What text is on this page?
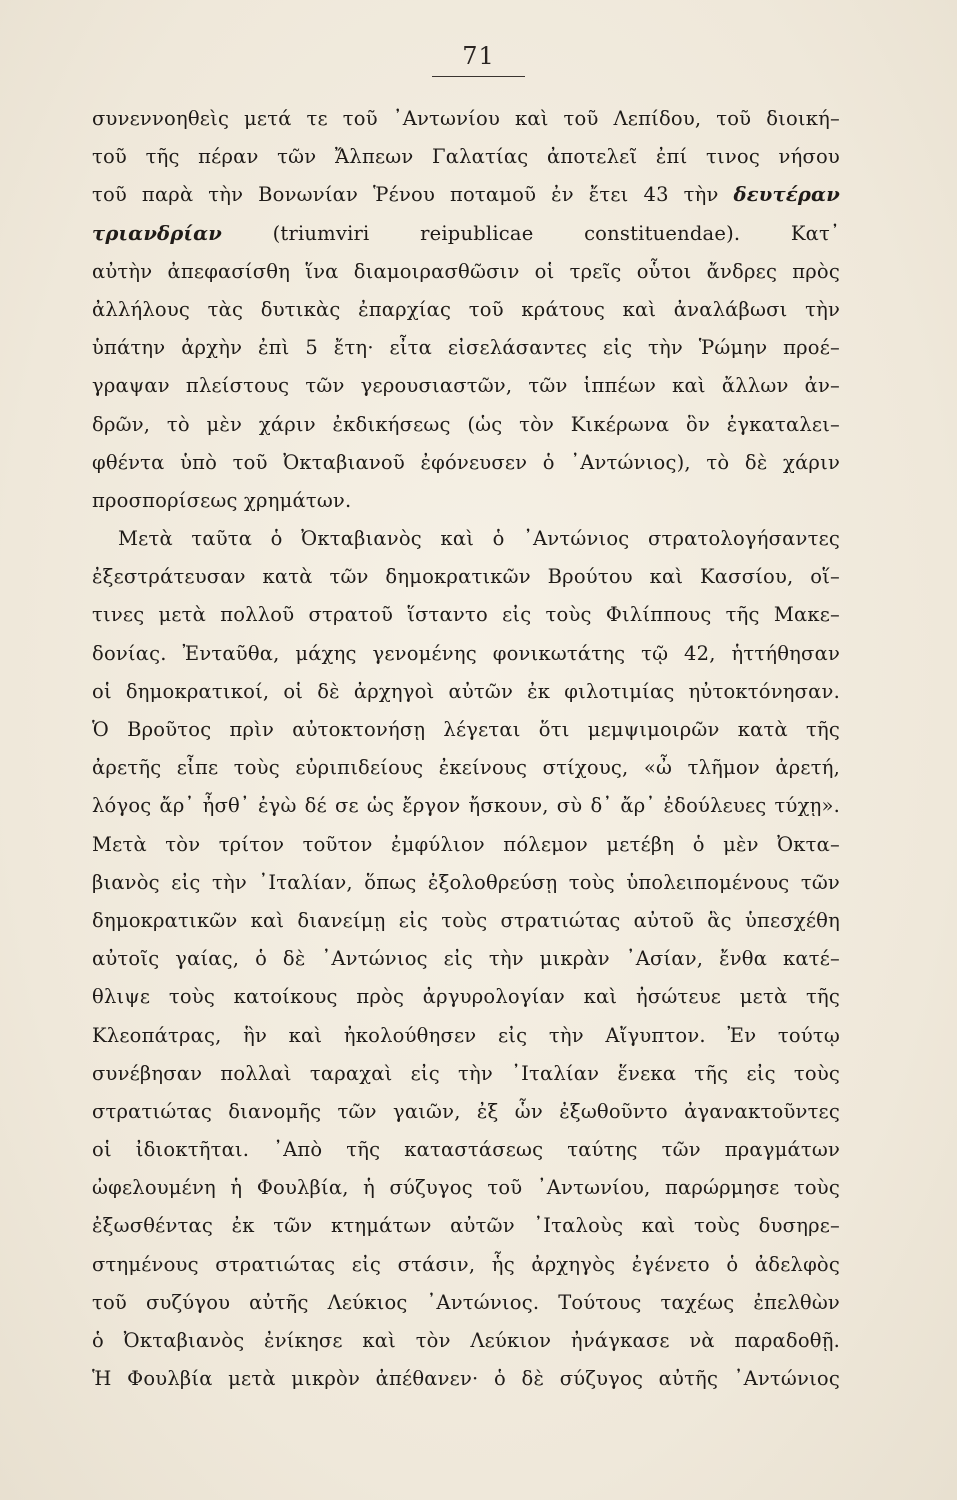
71
συνεννοηθεὶς μετά τε τοῦ ᾿Αντωνίου καὶ τοῦ Λεπίδου, τοῦ διοική–
τοῦ τῆς πέραν τῶν Ἄλπεων Γαλατίας ἀποτελεῖ ἐπί τινος νήσου
τοῦ παρὰ τὴν Βονωνίαν Ῥένου ποταμοῦ ἐν ἔτει 43 τὴν δευτέραν
τριανδρίαν (triumviri reipublicae constituendae). Κατ᾿
αὐτὴν ἀπεφασίσθη ἵνα διαμοιρασθῶσιν οἱ τρεῖς οὗτοι ἄνδρες πρὸς
ἀλλήλους τὰς δυτικὰς ἐπαρχίας τοῦ κράτους καὶ ἀναλάβωσι τὴν
ὑπάτην ἀρχὴν ἐπὶ 5 ἔτη· εἶτα εἰσελάσαντες εἰς τὴν Ῥώμην προέ–
γραψαν πλείστους τῶν γερουσιαστῶν, τῶν ἱππέων καὶ ἄλλων ἀν–
δρῶν, τὸ μὲν χάριν ἐκδικήσεως (ὡς τὸν Κικέρωνα ὃν ἐγκαταλει–
φθέντα ὑπὸ τοῦ Ὀκταβιανοῦ ἐφόνευσεν ὁ ᾿Αντώνιος), τὸ δὲ χάριν
προσπορίσεως χρημάτων.
Μετὰ ταῦτα ὁ Ὀκταβιανὸς καὶ ὁ ᾿Αντώνιος στρατολογήσαντες
ἐξεστράτευσαν κατὰ τῶν δημοκρατικῶν Βρούτου καὶ Κασσίου, οἵ–
τινες μετὰ πολλοῦ στρατοῦ ἵσταντο εἰς τοὺς Φιλίππους τῆς Μακε–
δονίας. Ἐνταῦθα, μάχης γενομένης φονικωτάτης τῷ 42, ἡττήθησαν
οἱ δημοκρατικοί, οἱ δὲ ἀρχηγοὶ αὐτῶν ἐκ φιλοτιμίας ηὐτοκτόνησαν.
Ὁ Βροῦτος πρὶν αὐτοκτονήσῃ λέγεται ὅτι μεμψιμοιρῶν κατὰ τῆς
ἀρετῆς εἶπε τοὺς εὐριπιδείους ἐκείνους στίχους, «ὦ τλῆμον ἀρετή,
λόγος ἄρ᾿ ἦσθ᾿ ἐγὼ δέ σε ὡς ἔργον ἤσκουν, σὺ δ᾿ ἄρ᾿ ἐδούλευες τύχῃ».
Μετὰ τὸν τρίτον τοῦτον ἐμφύλιον πόλεμον μετέβη ὁ μὲν Ὀκτα–
βιανὸς εἰς τὴν ᾿Ιταλίαν, ὅπως ἐξολοθρεύσῃ τοὺς ὑπολειπομένους τῶν
δημοκρατικῶν καὶ διανείμῃ εἰς τοὺς στρατιώτας αὐτοῦ ἃς ὑπεσχέθη
αὐτοῖς γαίας, ὁ δὲ ᾿Αντώνιος εἰς τὴν μικρὰν ᾿Ασίαν, ἔνθα κατέ–
θλιψε τοὺς κατοίκους πρὸς ἀργυρολογίαν καὶ ἠσώτευε μετὰ τῆς
Κλεοπάτρας, ἣν καὶ ἠκολούθησεν εἰς τὴν Αἴγυπτον. Ἐν τούτῳ
συνέβησαν πολλαὶ ταραχαὶ εἰς τὴν ᾿Ιταλίαν ἕνεκα τῆς εἰς τοὺς
στρατιώτας διανομῆς τῶν γαιῶν, ἐξ ὧν ἐξωθοῦντο ἀγανακτοῦντες
οἱ ἰδιοκτῆται. ᾿Απὸ τῆς καταστάσεως ταύτης τῶν πραγμάτων
ὠφελουμένη ἡ Φουλβία, ἡ σύζυγος τοῦ ᾿Αντωνίου, παρώρμησε τοὺς
ἐξωσθέντας ἐκ τῶν κτημάτων αὐτῶν ᾿Ιταλοὺς καὶ τοὺς δυσηρε–
στημένους στρατιώτας εἰς στάσιν, ἧς ἀρχηγὸς ἐγένετο ὁ ἀδελφὸς
τοῦ συζύγου αὐτῆς Λεύκιος ᾿Αντώνιος. Τούτους ταχέως ἐπελθὼν
ὁ Ὀκταβιανὸς ἐνίκησε καὶ τὸν Λεύκιον ἠνάγκασε νὰ παραδοθῇ.
Ἡ Φουλβία μετὰ μικρὸν ἀπέθανεν· ὁ δὲ σύζυγος αὐτῆς ᾿Αντώνιος
